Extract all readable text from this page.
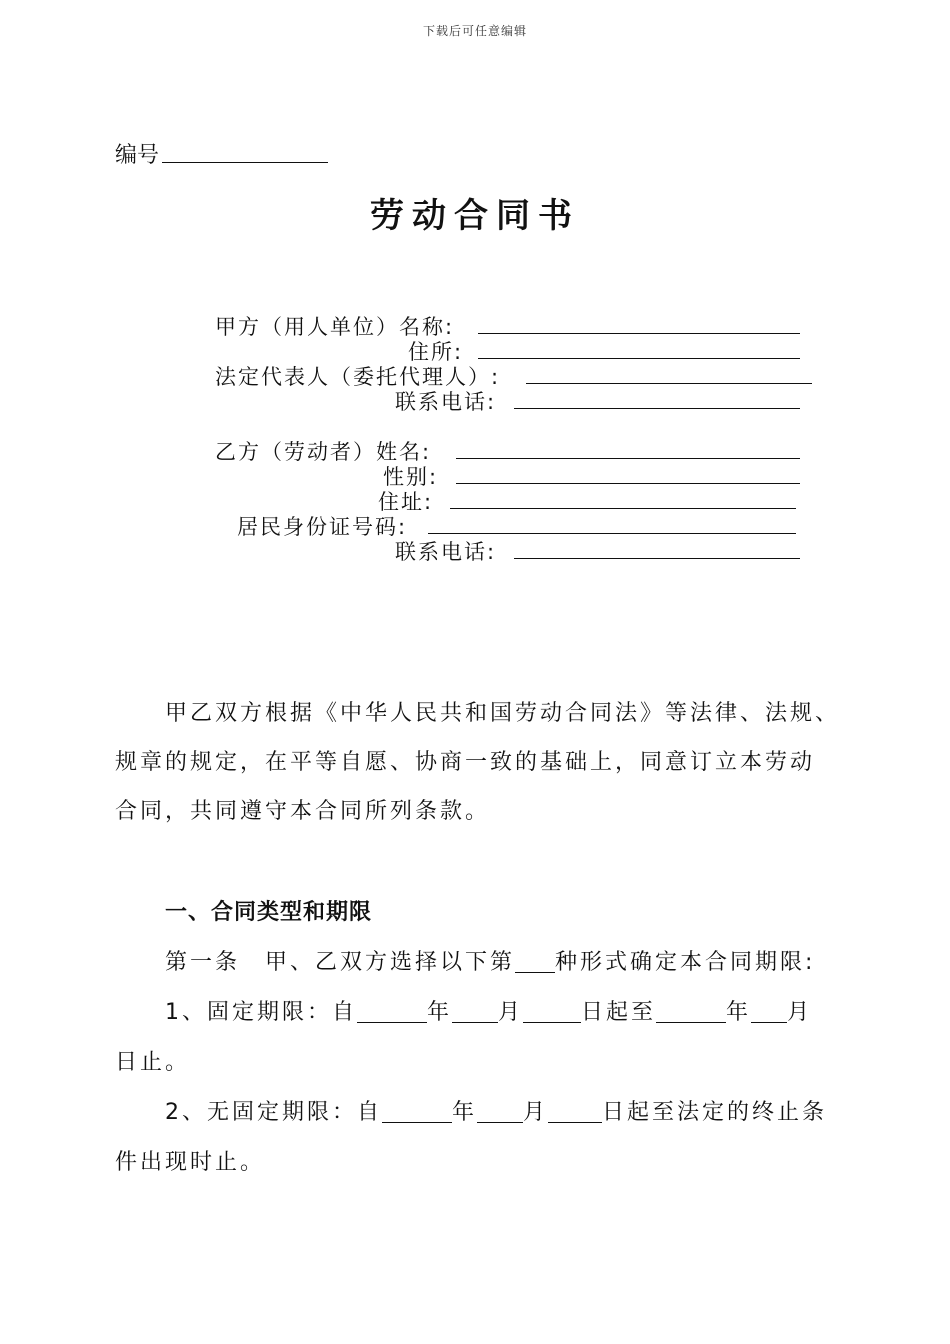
下载后可任意编辑
编号
劳动合同书
甲方（用人单位）名称:
住所:
法定代表人（委托代理人）:
联系电话:
乙方（劳动者）姓名:
性别:
住址:
居民身份证号码:
联系电话:
甲乙双方根据《中华人民共和国劳动合同法》等法律、法规、
规章的规定，在平等自愿、协商一致的基础上，同意订立本劳动
合同，共同遵守本合同所列条款。
一、合同类型和期限
第一条　甲、乙双方选择以下第 种形式确定本合同期限:
1、固定期限：自	年 月	日起至	年 月
日止。
2、无固定期限：自	年 月 日起至法定的终止条
件出现时止。
